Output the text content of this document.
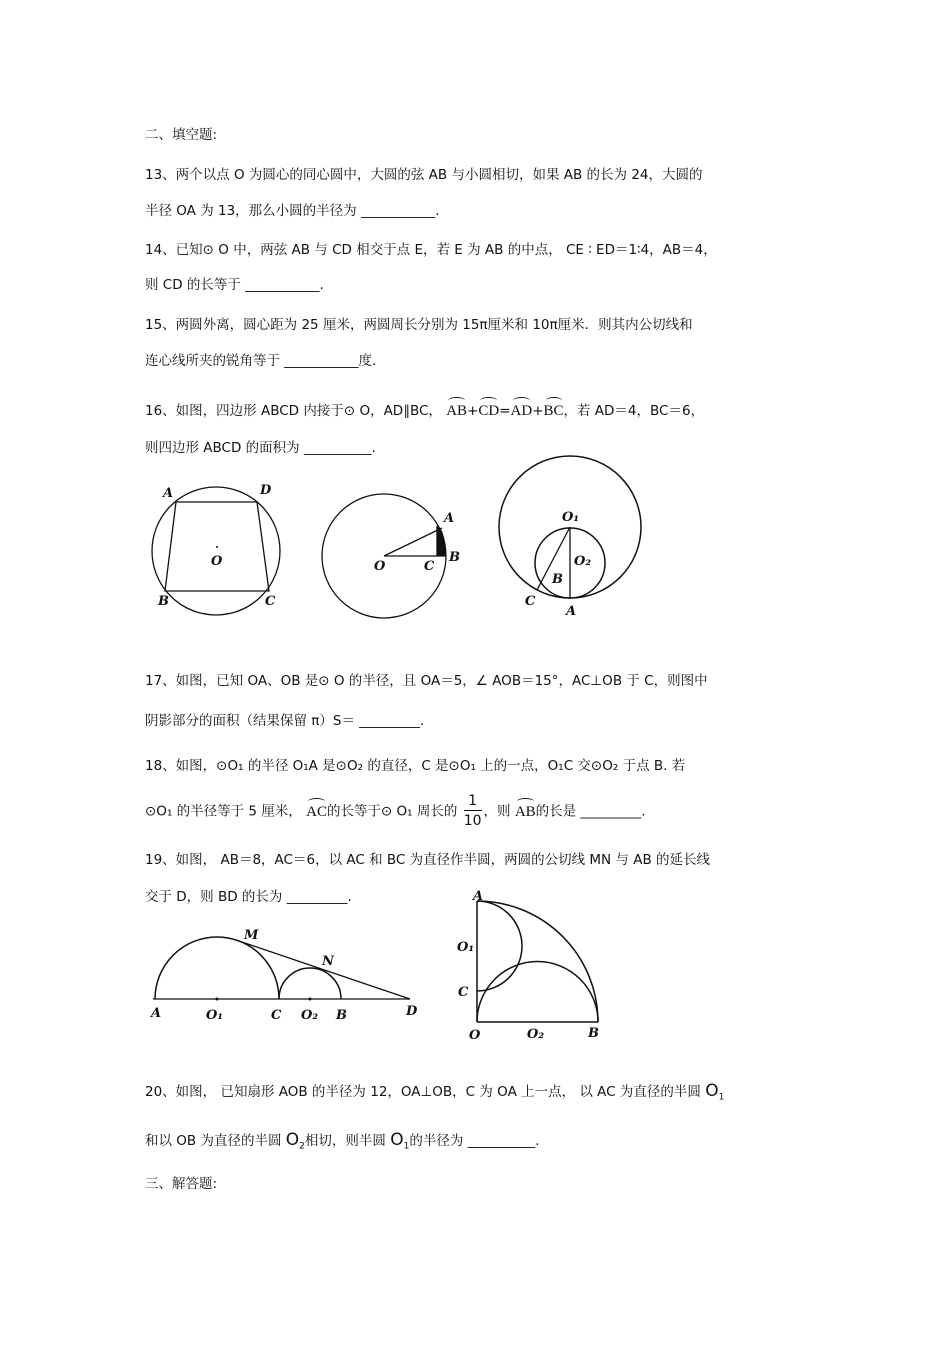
二、填空题:
13、两个以点 O 为圆心的同心圆中，大圆的弦 AB 与小圆相切，如果 AB 的长为 24，大圆的
半径 OA 为 13，那么小圆的半径为 ___________.
14、已知⊙ O 中，两弦 AB 与 CD 相交于点 E，若 E 为 AB 的中点， CE ∶ ED＝1∶4，AB＝4，
则 CD 的长等于 ___________.
15、两圆外离，圆心距为 25 厘米，两圆周长分别为 15π厘米和 10π厘米．则其内公切线和
连心线所夹的锐角等于 ___________度.
16、如图，四边形 ABCD 内接于⊙ O，AD∥BC， AB+CD=AD+BC，若 AD＝4，BC＝6，
则四边形 ABCD 的面积为 __________.
A	D
O
B	C
A
O	C
B
O₁
O₂
B
C
A
17、如图，已知 OA、OB 是⊙ O 的半径，且 OA＝5，∠ AOB＝15°，AC⊥OB 于 C，则图中
阴影部分的面积（结果保留 π）S＝ _________.
18、如图，⊙O₁ 的半径 O₁A 是⊙O₂ 的直径，C 是⊙O₁ 上的一点，O₁C 交⊙O₂ 于点 B. 若
⊙O₁ 的半径等于 5 厘米， AC的长等于⊙ O₁ 周长的 $\frac{1}{10}$ ，则 AB的长是 _________.
19、如图， AB＝8，AC＝6，以 AC 和 BC 为直径作半圆，两圆的公切线 MN 与 AB 的延长线
交于 D，则 BD 的长为 _________.
M
N
A	O₁	C O₂ B	D
A
O₁
C
O	O₂	B
20、如图， 已知扇形 AOB 的半径为 12，OA⊥OB，C 为 OA 上一点， 以 AC 为直径的半圆 $O_1$
和以 OB 为直径的半圆 $O_2$相切，则半圆 $O_1$的半径为 __________.
三、解答题:
